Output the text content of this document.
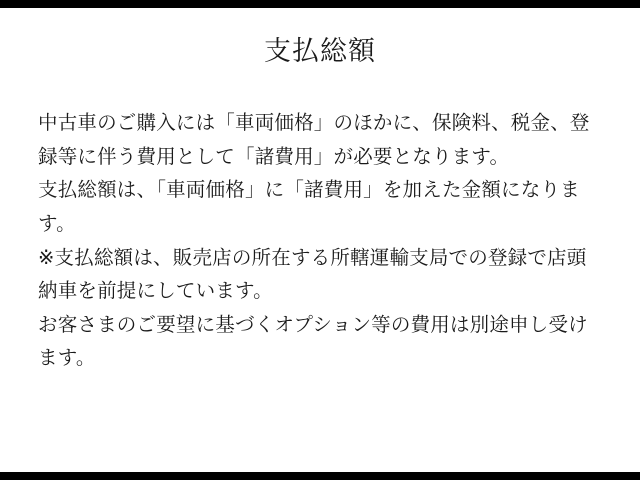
支払総額

中古車のご購入には「車両価格」のほかに、保険料、税金、登録等に伴う費用として「諸費用」が必要となります。

支払総額は、「車両価格」に「諸費用」を加えた金額になります。

※支払総額は、販売店の所在する所轄運輸支局での登録で店頭納車を前提にしています。

お客さまのご要望に基づくオプション等の費用は別途申し受けます。
